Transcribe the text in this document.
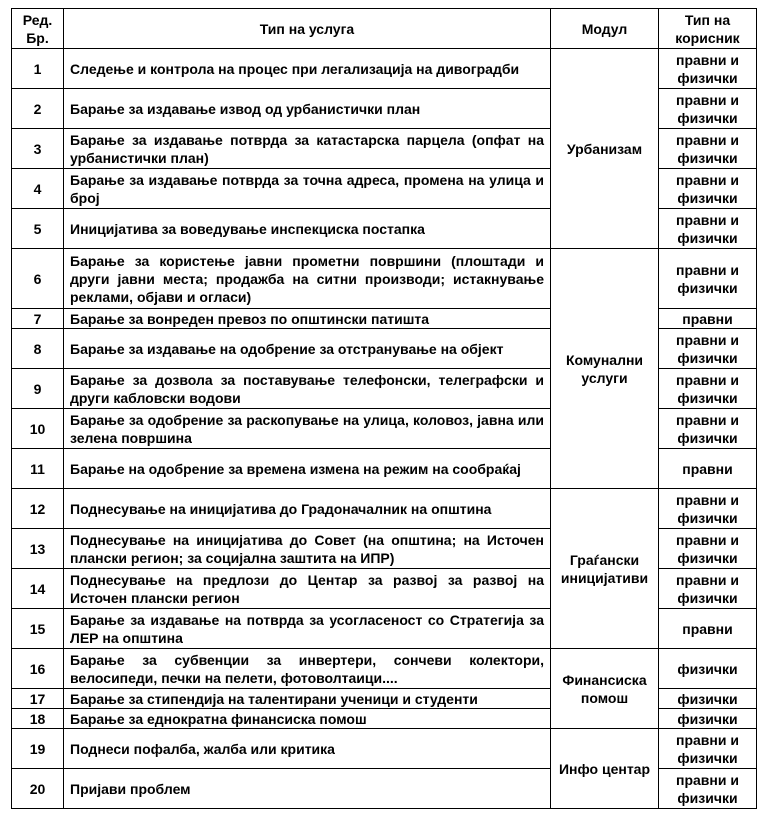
Ред. Бр.	Тип на услуга	Модул	Тип на корисник
1	Следење и контрола на процес при легализација на дивоградби	Урбанизам	правни и физички
2	Барање за издавање извод од урбанистички план		правни и физички
3	Барање за издавање потврда за катастарска парцела (опфат на урбанистички план)		правни и физички
4	Барање за издавање потврда за точна адреса, промена на улица и број		правни и физички
5	Иницијатива за воведување инспекциска постапка		правни и физички
6	Барање за користење јавни прометни површини (плоштади и други јавни места; продажба на ситни производи; истакнување реклами, објави и огласи)	Комунални услуги	правни и физички
7	Барање за вонреден превоз по општински патишта		правни
8	Барање за издавање на одобрение за отстранување на објект		правни и физички
9	Барање за дозвола за поставување телефонски, телеграфски и други кабловски водови		правни и физички
10	Барање за одобрение за раскопување на улица, коловоз, јавна или зелена површина		правни и физички
11	Барање на одобрение за времена измена на режим на сообраќај		правни
12	Поднесување на иницијатива до Градоначалник на општина	Граѓански иницијативи	правни и физички
13	Поднесување на иницијатива до Совет (на општина; на Источен плански регион; за социјална заштита на ИПР)		правни и физички
14	Поднесување на предлози до Центар за развој за развој на Источен плански регион		правни и физички
15	Барање за издавање на потврда за усогласеност со Стратегија за ЛЕР на општина		правни
16	Барање за субвенции за инвертери, сончеви колектори, велосипеди, печки на пелети, фотоволтаици....	Финансиска помош	физички
17	Барање за стипендија на талентирани ученици и студенти		физички
18	Барање за еднократна финансиска помош		физички
19	Поднеси пофалба, жалба или критика	Инфо центар	правни и физички
20	Пријави проблем		правни и физички
